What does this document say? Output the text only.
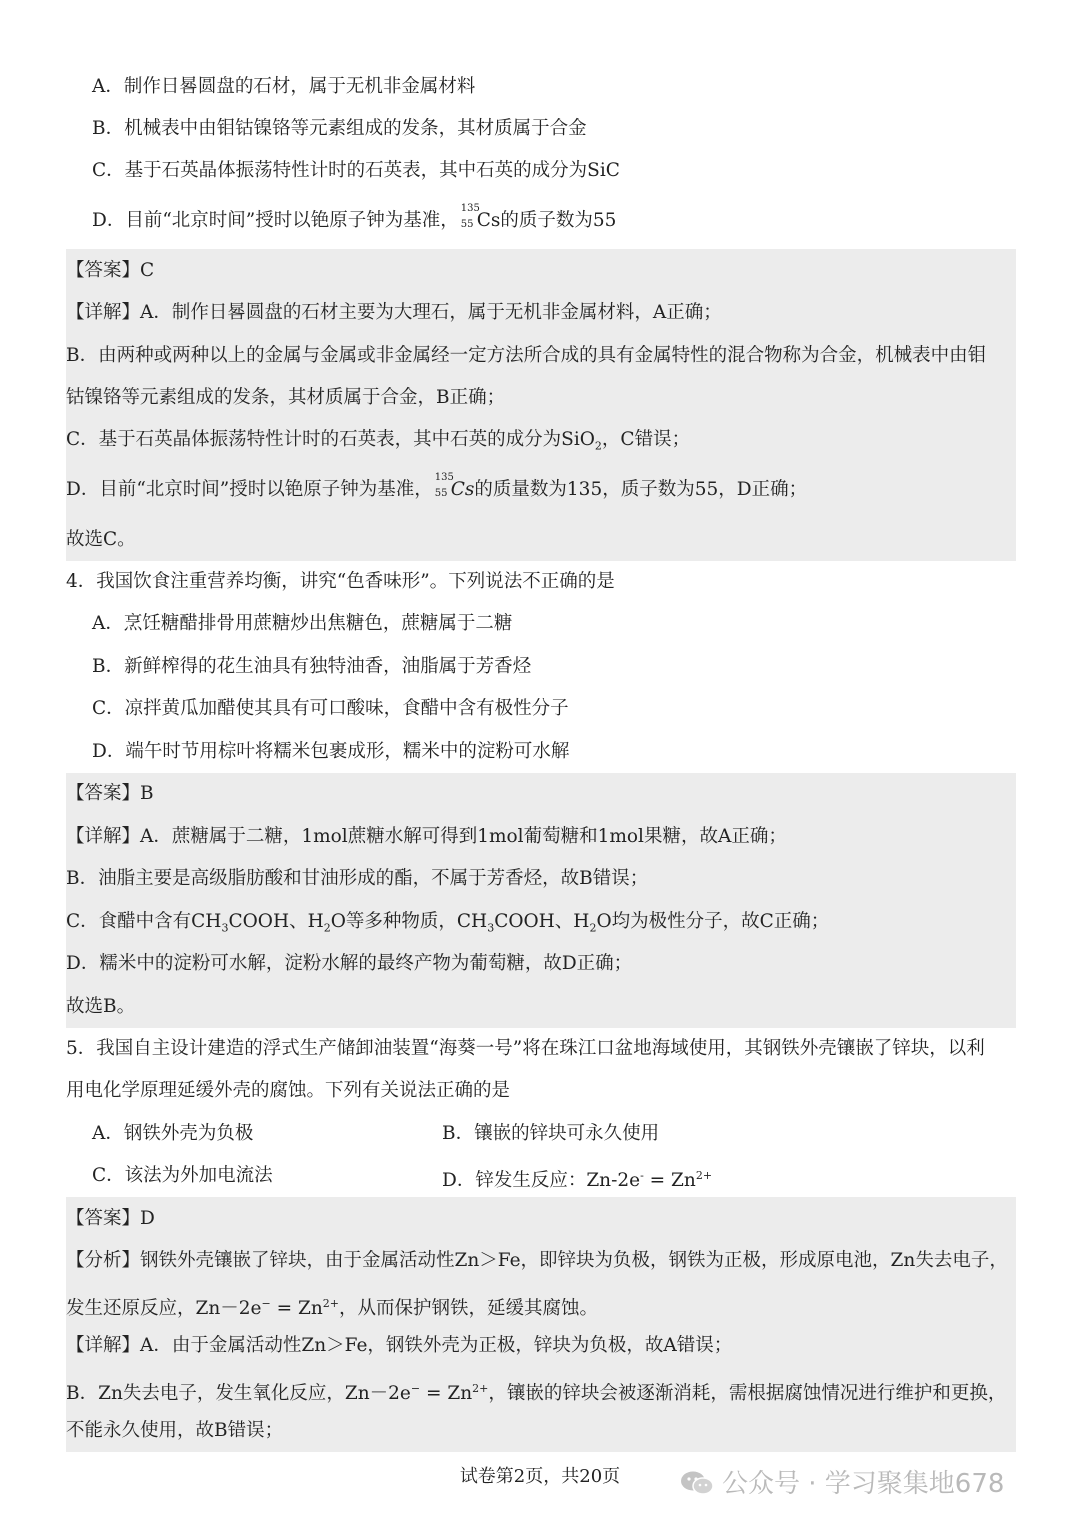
A．制作日晷圆盘的石材，属于无机非金属材料
B．机械表中由钼钴镍铬等元素组成的发条，其材质属于合金
C．基于石英晶体振荡特性计时的石英表，其中石英的成分为SiC
D．目前“北京时间”授时以铯原子钟为基准，
135
55 Cs的质子数为55
【答案】C
【详解】A．制作日晷圆盘的石材主要为大理石，属于无机非金属材料，A正确；
B．由两种或两种以上的金属与金属或非金属经一定方法所合成的具有金属特性的混合物称为合金，机械表中由钼
钴镍铬等元素组成的发条，其材质属于合金，B正确；
C．基于石英晶体振荡特性计时的石英表，其中石英的成分为SiO$_2$，C错误；
D．目前“北京时间”授时以铯原子钟为基准，
135
55 Cs的质量数为135，质子数为55，D正确；
故选C。
4．我国饮食注重营养均衡，讲究“色香味形”。下列说法不正确的是
A．烹饪糖醋排骨用蔗糖炒出焦糖色，蔗糖属于二糖
B．新鲜榨得的花生油具有独特油香，油脂属于芳香烃
C．凉拌黄瓜加醋使其具有可口酸味，食醋中含有极性分子
D．端午时节用棕叶将糯米包裹成形，糯米中的淀粉可水解
【答案】B
【详解】A．蔗糖属于二糖，1mol蔗糖水解可得到1mol葡萄糖和1mol果糖，故A正确；
B．油脂主要是高级脂肪酸和甘油形成的酯，不属于芳香烃，故B错误；
C．食醋中含有$CH_3COOH$、$H_2O$等多种物质，$CH_3COOH$、$H_2O$均为极性分子，故C正确；
D．糯米中的淀粉可水解，淀粉水解的最终产物为葡萄糖，故D正确；
故选B。
5．我国自主设计建造的浮式生产储卸油装置“海葵一号”将在珠江口盆地海域使用，其钢铁外壳镶嵌了锌块，以利
用电化学原理延缓外壳的腐蚀。下列有关说法正确的是
A．钢铁外壳为负极	B．镶嵌的锌块可永久使用
C．该法为外加电流法	D．锌发生反应：$Zn-2e^- = Zn^{2+}$
【答案】D
【分析】钢铁外壳镶嵌了锌块，由于金属活动性Zn＞Fe，即锌块为负极，钢铁为正极，形成原电池，Zn失去电子，
发生还原反应，$Zn-2e^- = Zn^{2+}$，从而保护钢铁，延缓其腐蚀。
【详解】A．由于金属活动性Zn＞Fe，钢铁外壳为正极，锌块为负极，故A错误；
B．Zn失去电子，发生氧化反应，$Zn-2e^- = Zn^{2+}$，镶嵌的锌块会被逐渐消耗，需根据腐蚀情况进行维护和更换，
不能永久使用，故B错误；
试卷第2页，共20页	公众号 · 学习聚集地678
